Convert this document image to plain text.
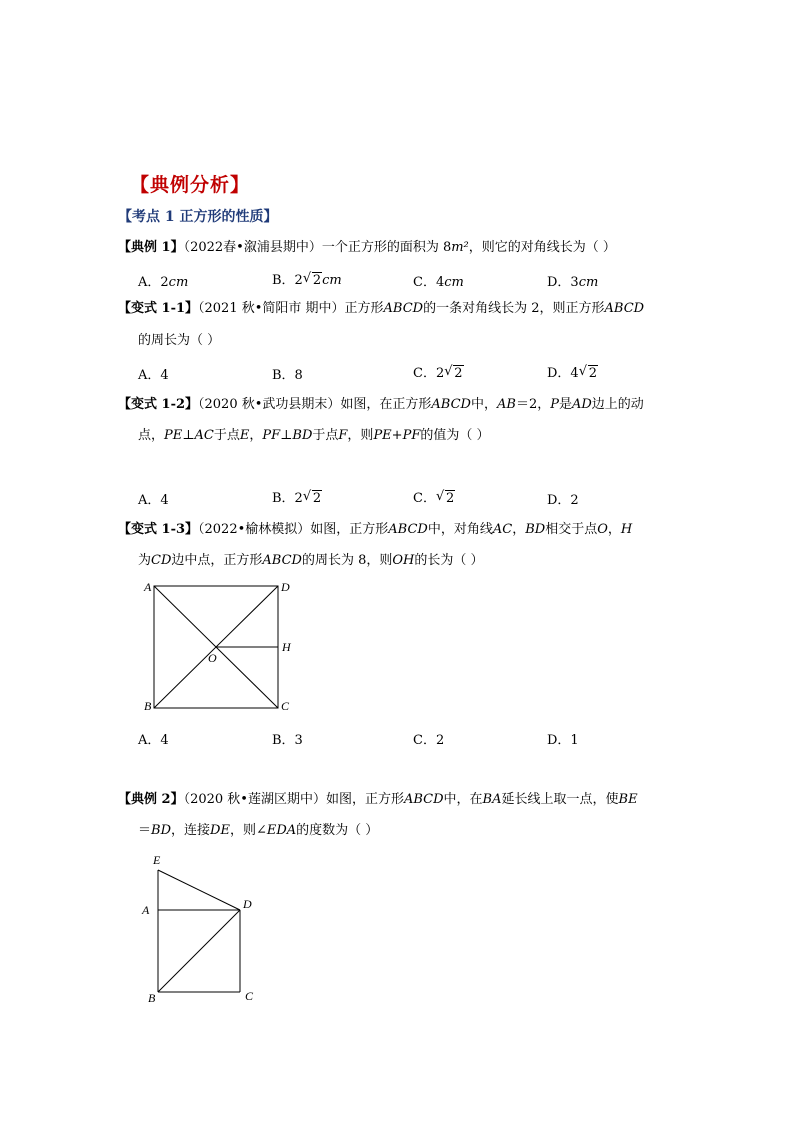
【典例分析】
【考点 1 正方形的性质】
【典例 1】（2022春•溆浦县期中）一个正方形的面积为 8m²，则它的对角线长为（ ）
A．2cm	B．2 √ 2cm	C．4cm	D．3cm
【变式 1-1】（2021 秋•简阳市 期中）正方形ABCD的一条对角线长为 2，则正方形ABCD
的周长为（ ）
A．4	B．8	C．2 √ 2	D．4 √ 2
【变式 1-2】（2020 秋•武功县期末）如图，在正方形ABCD中，AB＝2，P是AD边上的动
点，PE⊥AC于点E，PF⊥BD于点F，则PE+PF的值为（ ）
A．4	B．2 √ 2	C． √ 2	D．2
【变式 1-3】（2022•榆林模拟）如图，正方形ABCD中，对角线AC，BD相交于点O，H
为CD边中点，正方形ABCD的周长为 8，则OH的长为（ ）
A	D
H
O
B	C
A．4	B．3	C．2	D．1
【典例 2】（2020 秋•莲湖区期中）如图，正方形ABCD中，在BA延长线上取一点，使BE
＝BD，连接DE，则∠EDA的度数为（ ）
E
A	D
B	C
